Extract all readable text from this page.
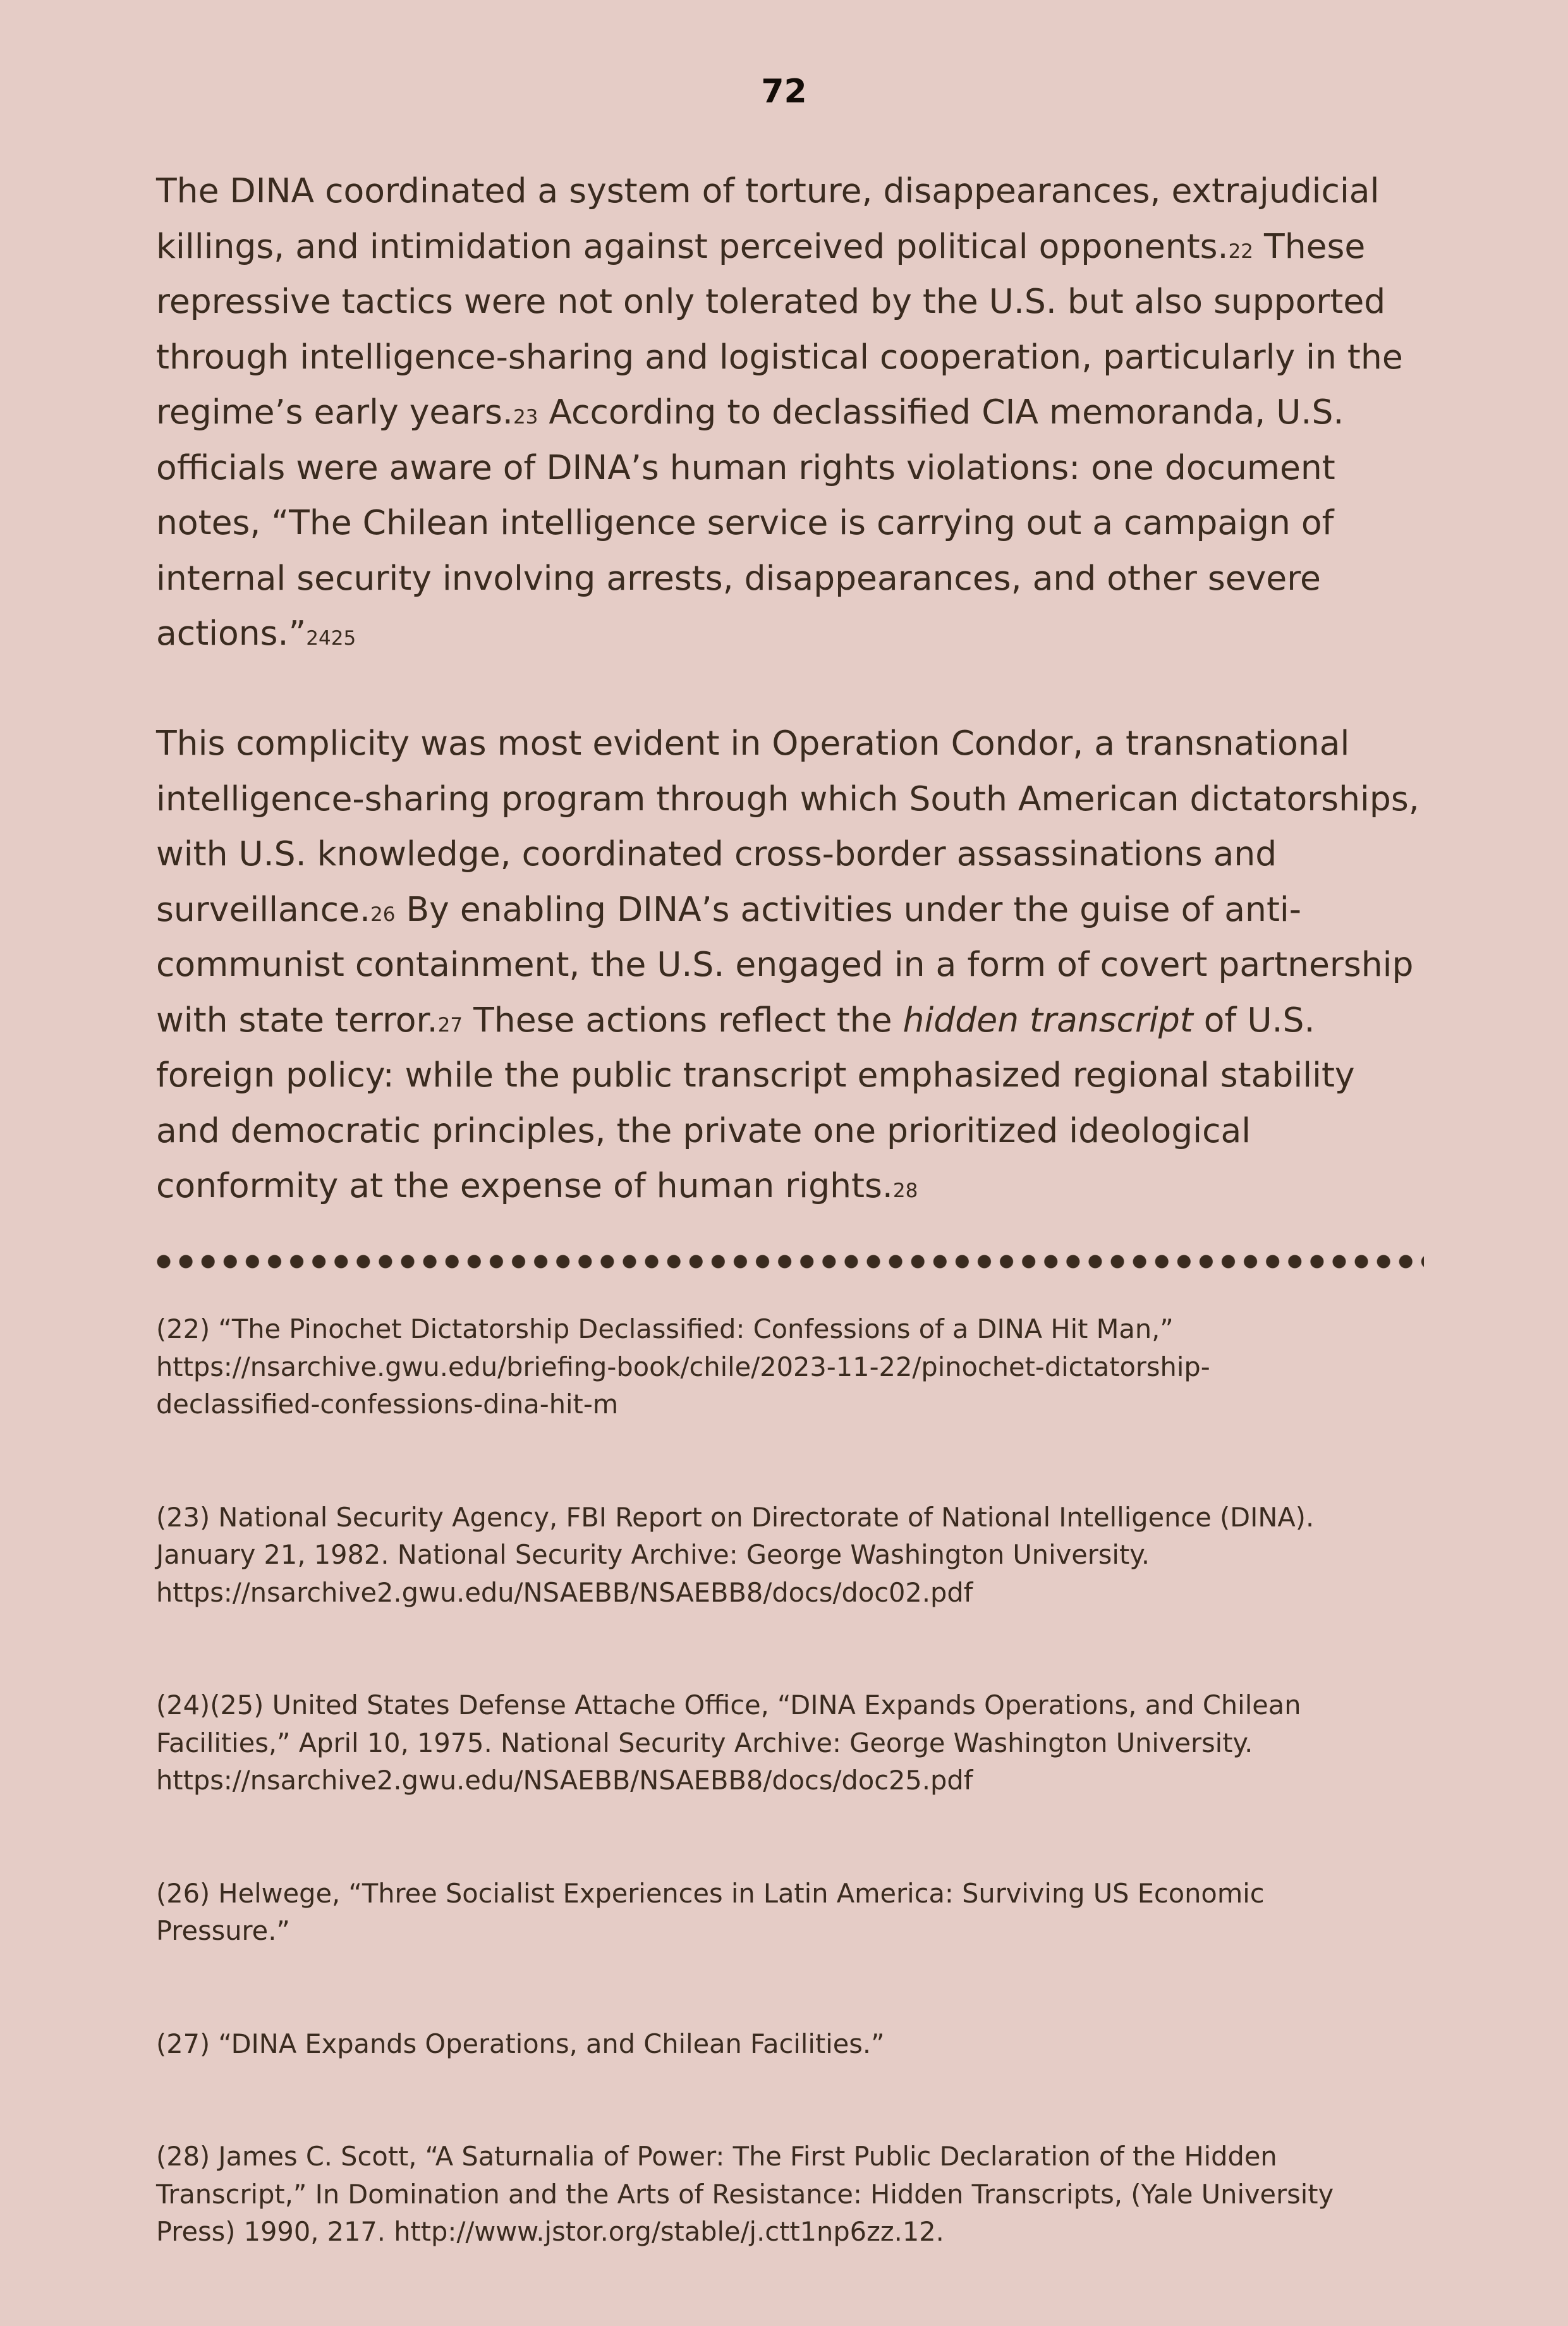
72

The DINA coordinated a system of torture, disappearances, extrajudicial killings, and intimidation against perceived political opponents.$^{22}$ These repressive tactics were not only tolerated by the U.S. but also supported through intelligence-sharing and logistical cooperation, particularly in the regime’s early years.$^{23}$ According to declassified CIA memoranda, U.S. officials were aware of DINA’s human rights violations: one document notes, “The Chilean intelligence service is carrying out a campaign of internal security involving arrests, disappearances, and other severe actions.”$^{2425}$

This complicity was most evident in Operation Condor, a transnational intelligence-sharing program through which South American dictatorships, with U.S. knowledge, coordinated cross-border assassinations and surveillance.$^{26}$ By enabling DINA’s activities under the guise of anti-communist containment, the U.S. engaged in a form of covert partnership with state terror.$^{27}$ These actions reflect the hidden transcript of U.S. foreign policy: while the public transcript emphasized regional stability and democratic principles, the private one prioritized ideological conformity at the expense of human rights.$^{28}$

(22) “The Pinochet Dictatorship Declassified: Confessions of a DINA Hit Man,”
https://nsarchive.gwu.edu/briefing-book/chile/2023-11-22/pinochet-dictatorship-
declassified-confessions-dina-hit-m

(23) National Security Agency, FBI Report on Directorate of National Intelligence (DINA).
January 21, 1982. National Security Archive: George Washington University.
https://nsarchive2.gwu.edu/NSAEBB/NSAEBB8/docs/doc02.pdf

(24)(25) United States Defense Attache Office, “DINA Expands Operations, and Chilean
Facilities,” April 10, 1975. National Security Archive: George Washington University.
https://nsarchive2.gwu.edu/NSAEBB/NSAEBB8/docs/doc25.pdf

(26) Helwege, “Three Socialist Experiences in Latin America: Surviving US Economic
Pressure.”

(27) “DINA Expands Operations, and Chilean Facilities.”

(28) James C. Scott, “A Saturnalia of Power: The First Public Declaration of the Hidden
Transcript,” In Domination and the Arts of Resistance: Hidden Transcripts, (Yale University
Press) 1990, 217. http://www.jstor.org/stable/j.ctt1np6zz.12.
